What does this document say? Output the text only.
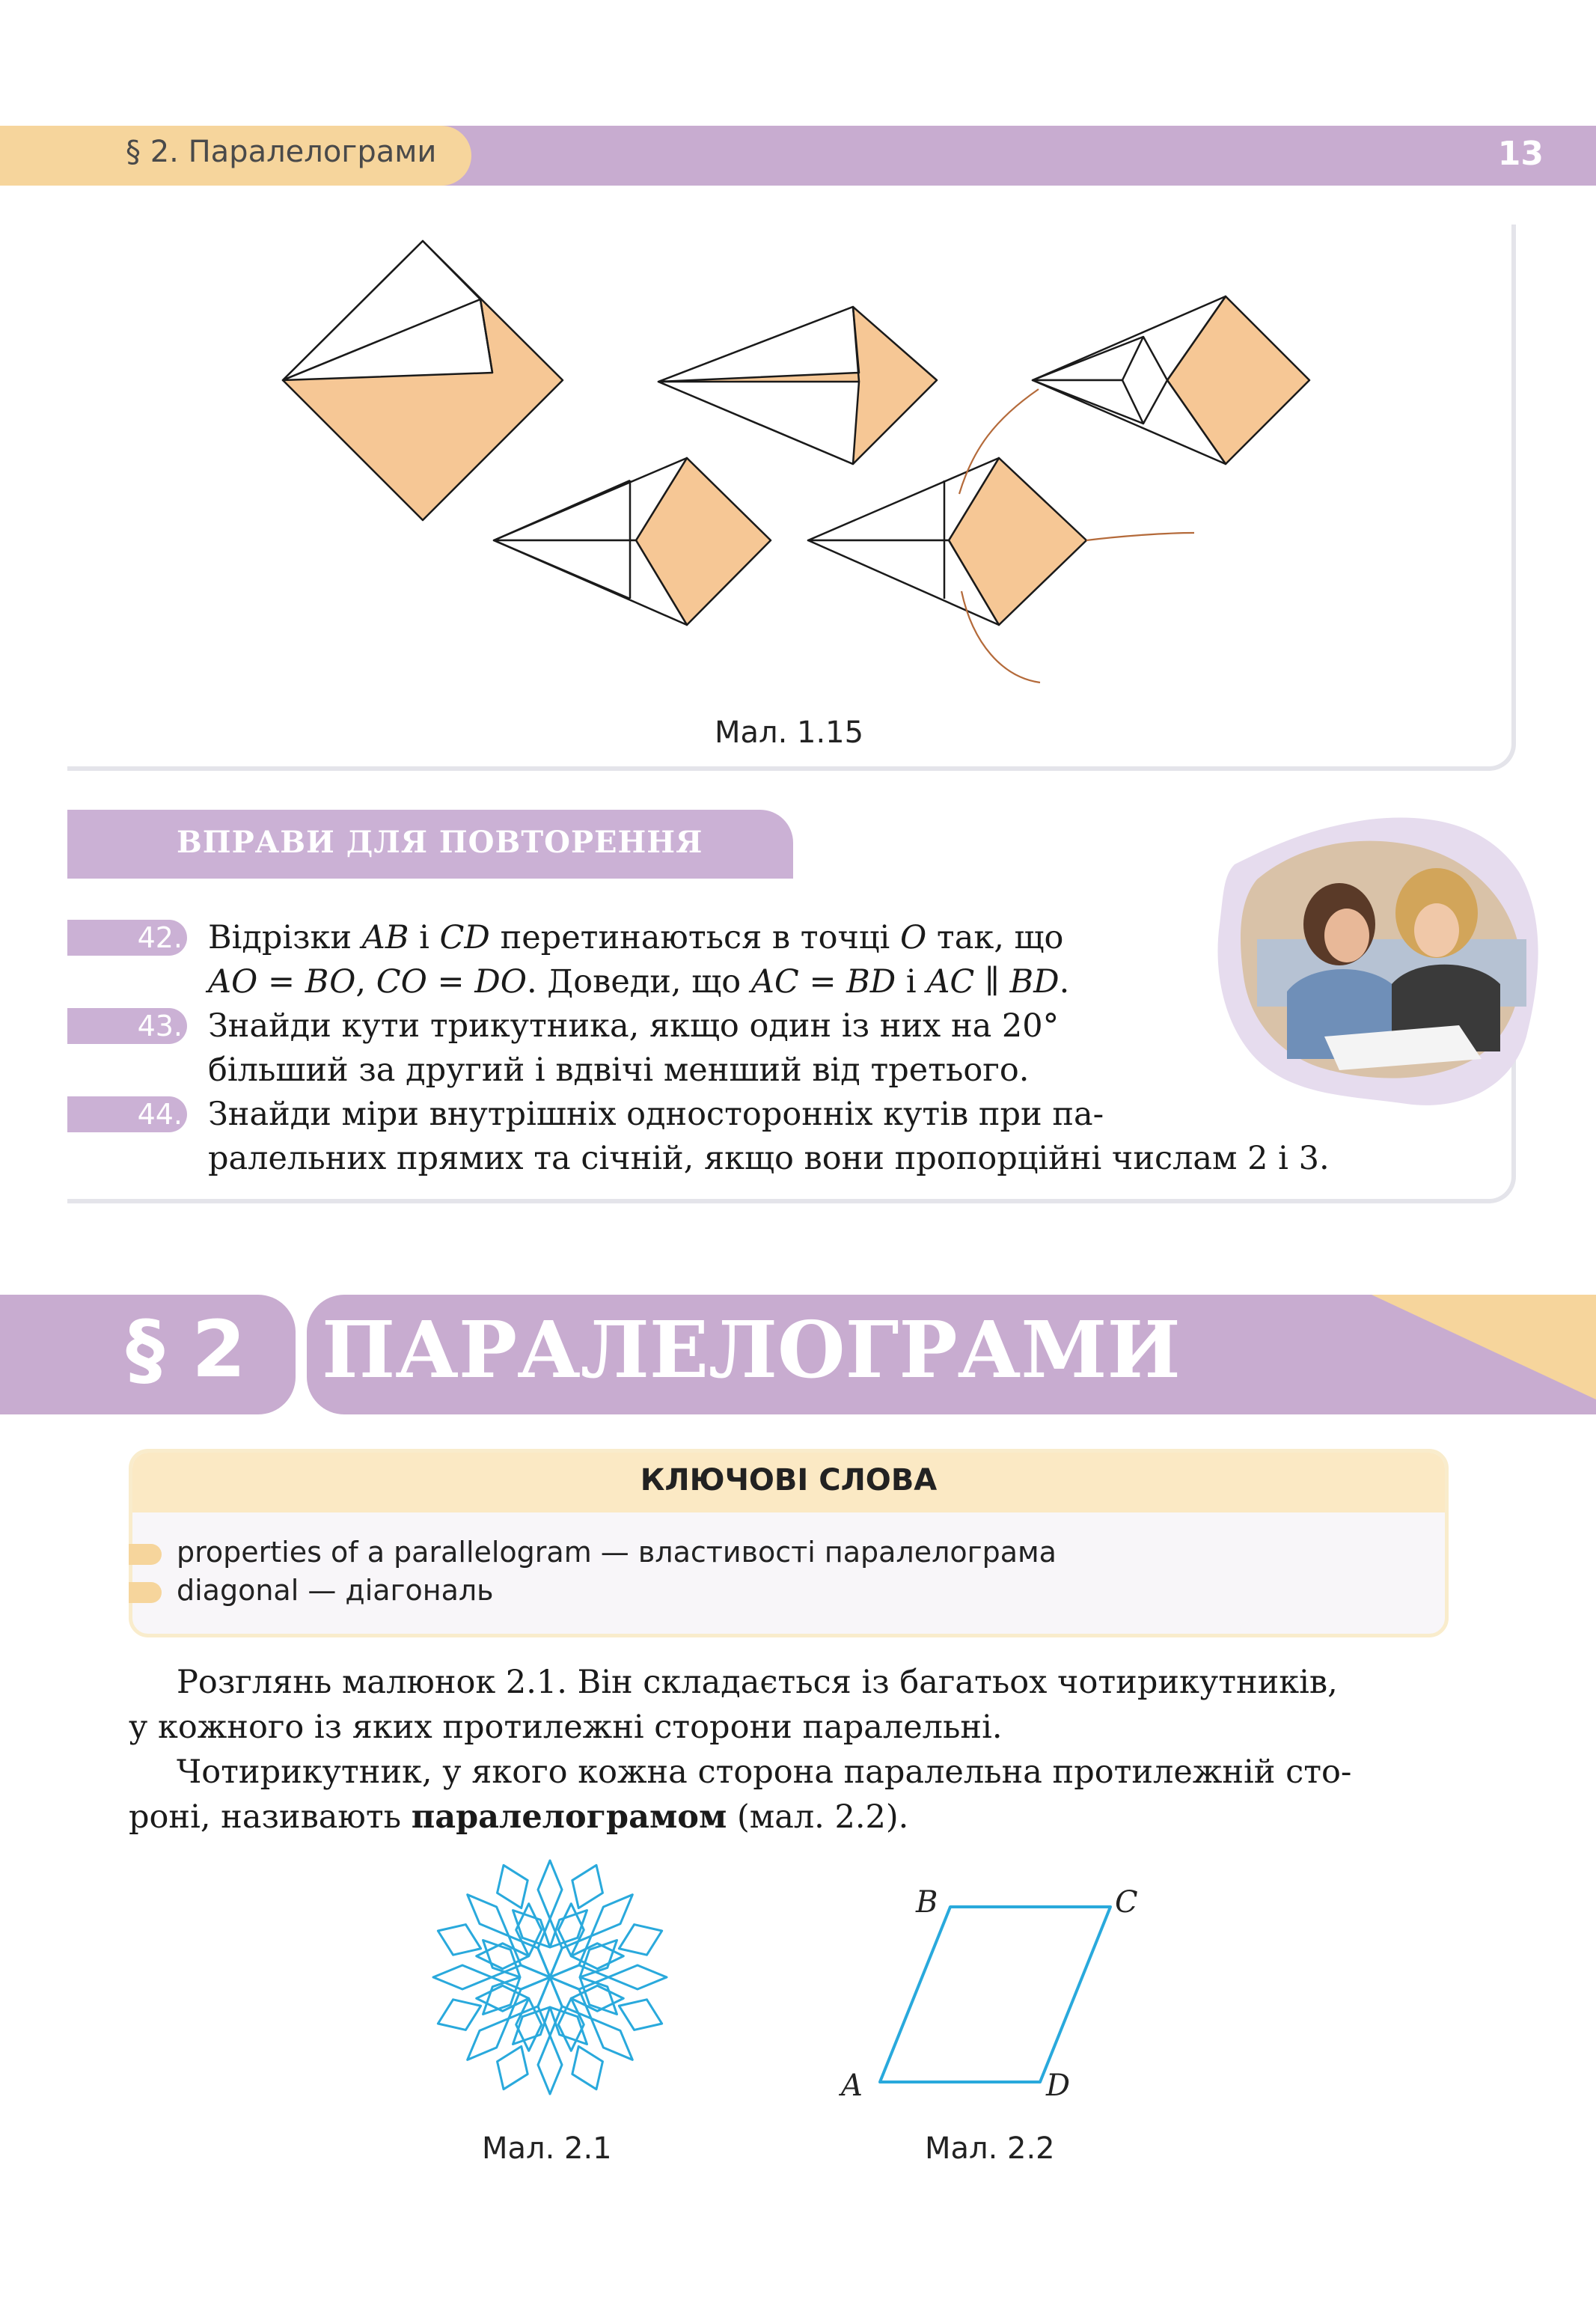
§ 2. Паралелограми	13
Мал. 1.15
ВПРАВИ ДЛЯ ПОВТОРЕННЯ
42. Відрізки AB і CD перетинаються в точці O так, що
AO = BO, CO = DO. Доведи, що AC = BD і AC ∥ BD.
43. Знайди кути трикутника, якщо один із них на 20°
більший за другий і вдвічі менший від третього.
44. Знайди міри внутрішніх односторонніх кутів при па-
ралельних прямих та січній, якщо вони пропорційні числам 2 і 3.
§ 2 ПАРАЛЕЛОГРАМИ
КЛЮЧОВІ СЛОВА
properties of a parallelogram — властивості паралелограма
diagonal — діагональ
Розглянь малюнок 2.1. Він складається із багатьох чотирикутників,
у кожного із яких протилежні сторони паралельні.
Чотирикутник, у якого кожна сторона паралельна протилежній сто-
роні, називають паралелограмом (мал. 2.2).
Мал. 2.1
B	C
A	D
Мал. 2.2
